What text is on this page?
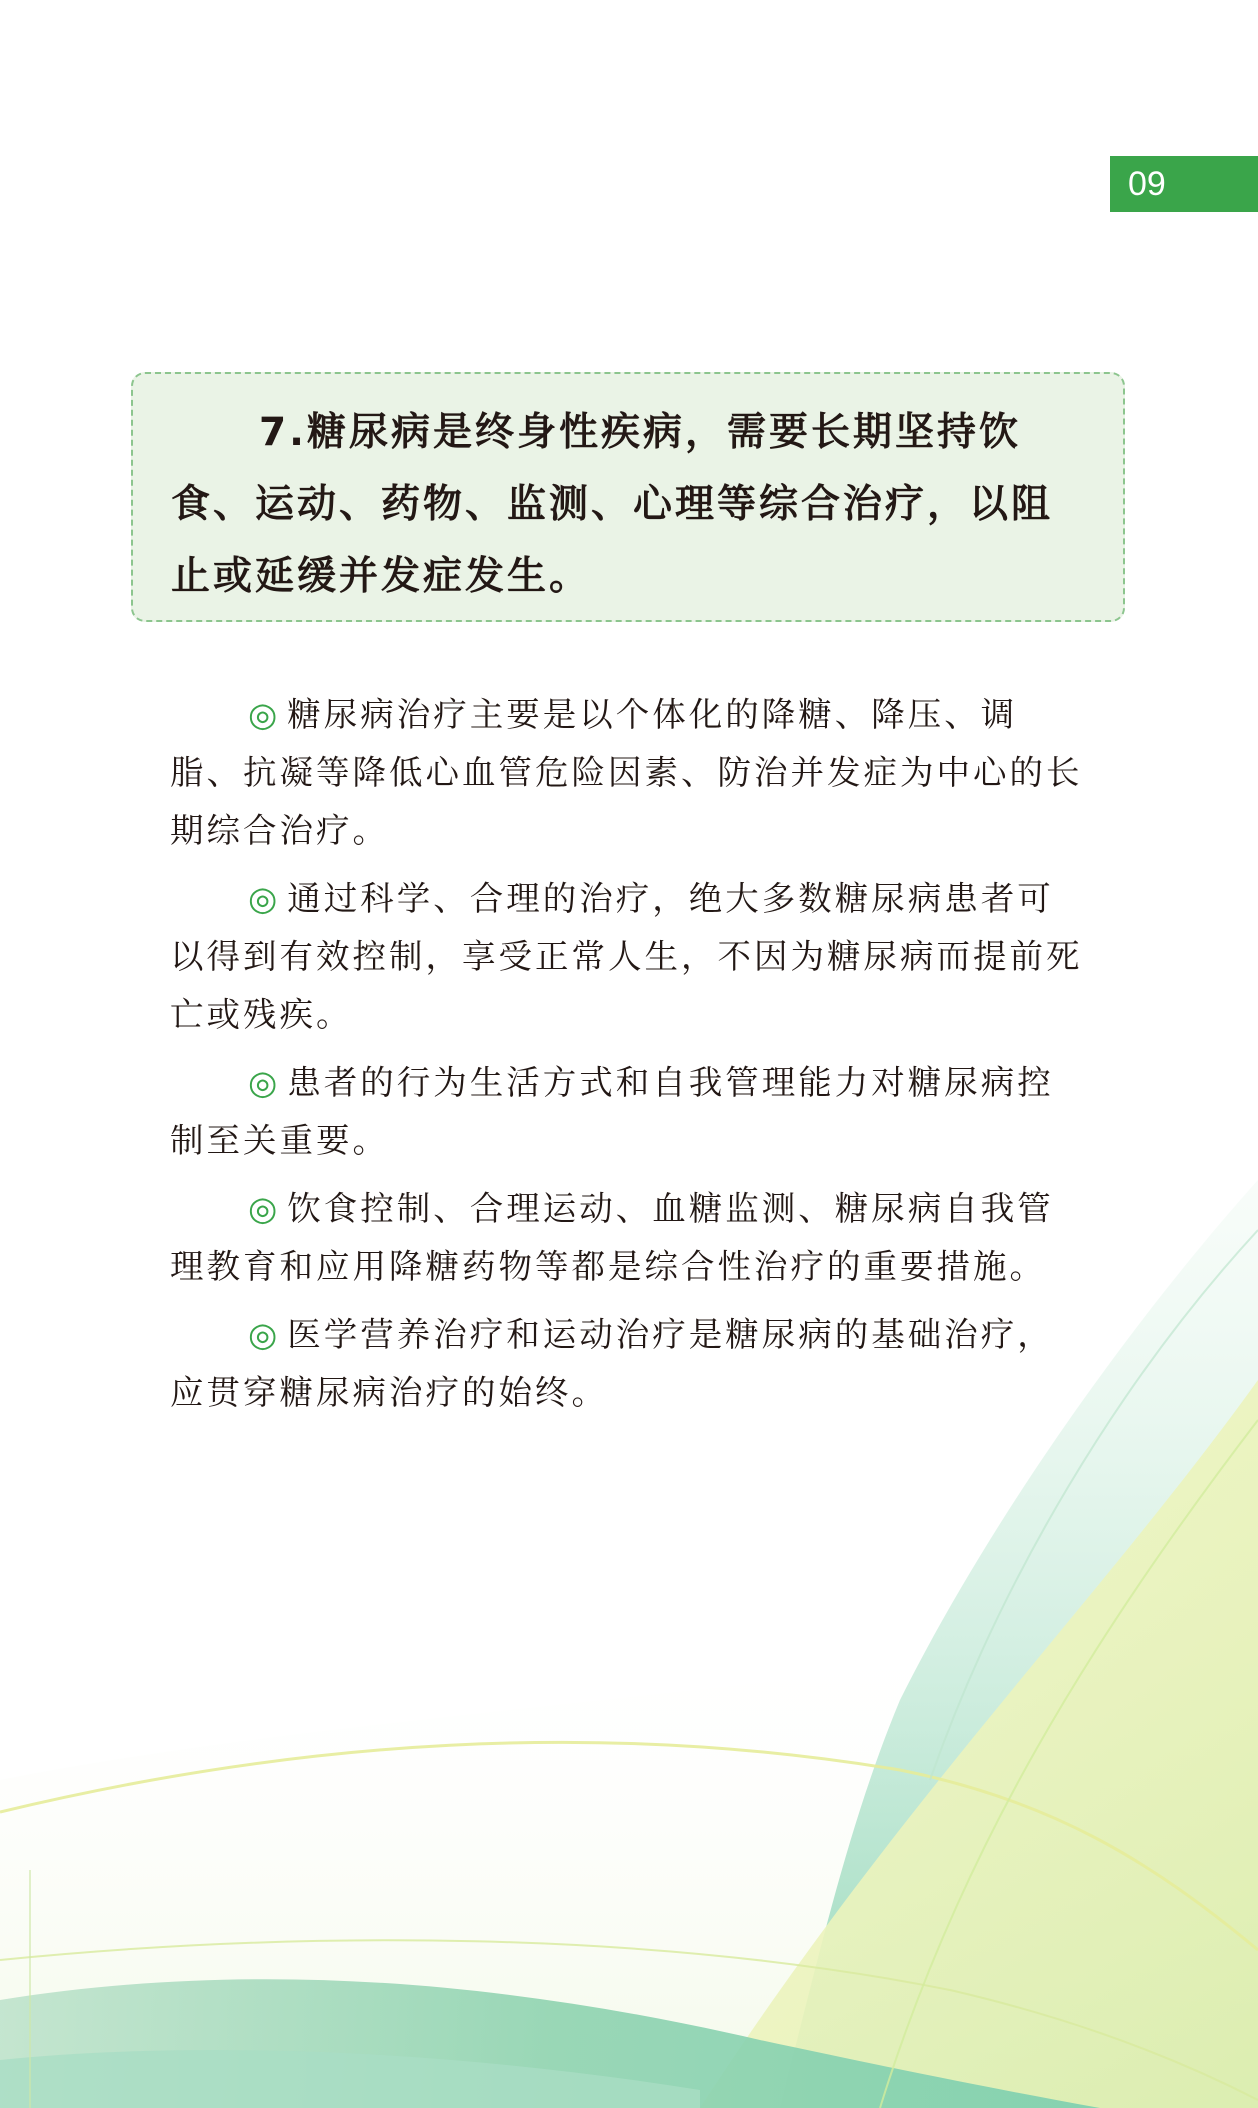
09

7.糖尿病是终身性疾病，需要长期坚持饮食、运动、药物、监测、心理等综合治疗，以阻止或延缓并发症发生。

◎ 糖尿病治疗主要是以个体化的降糖、降压、调脂、抗凝等降低心血管危险因素、防治并发症为中心的长期综合治疗。

◎ 通过科学、合理的治疗，绝大多数糖尿病患者可以得到有效控制，享受正常人生，不因为糖尿病而提前死亡或残疾。

◎ 患者的行为生活方式和自我管理能力对糖尿病控制至关重要。

◎ 饮食控制、合理运动、血糖监测、糖尿病自我管理教育和应用降糖药物等都是综合性治疗的重要措施。

◎ 医学营养治疗和运动治疗是糖尿病的基础治疗，应贯穿糖尿病治疗的始终。
